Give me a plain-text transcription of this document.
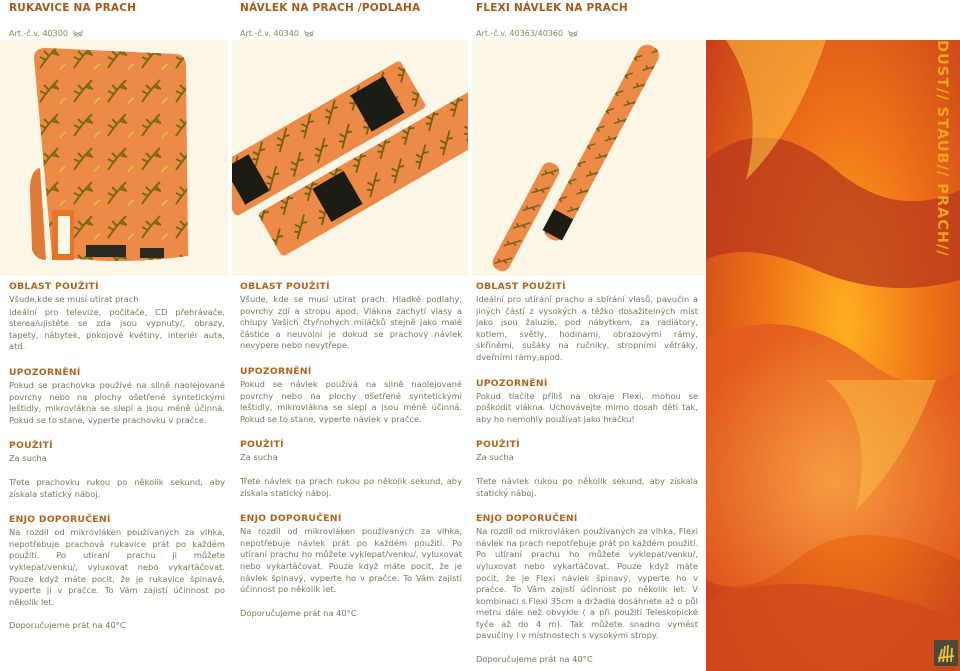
RUKAVICE NA PRACH	NÁVLEK NA PRACH /PODLAHA	FLEXI NÁVLEK NA PRACH
Art.-č.v. 40300	Art.-č.v. 40340	Art.-č.v. 40363/40360
DUST// STAUB// PRACH//
OBLAST POUŽITÍ
Všude,kde se musí utírat prach
Ideální pro televize, počítače, CD přehrávače, sterea/ujistěte se zda jsou vypnuty/, obrazy, tapety, nábytek, pokojové květiny, interiér auta, atd.
UPOZORNĚNÍ
Pokud se prachovka používé na silně naolejované povrchy nebo na plochy ošetřené syntetickými leštidly, mikrovlákna se slepí a jsou méně účinná. Pokud se to stane, vyperte prachovku v pračce.
POUŽITÍ
Za sucha
Třete prachovku rukou po několik sekund, aby získala statický náboj.
ENJO DOPORUČENÍ
Na rozdíl od mikrovláken používaných za vlhka, nepotřebuje prachová rukavice prát po každém použití. Po utíraní prachu ji můžete vyklepat/venku/, vyluxovat nebo vykartáčovat. Pouze když máte pocit, že je rukavice špinavá, vyperte ji v pračce. To Vám zajistí účinnost po několik let.
Doporučujeme prát na 40°C
OBLAST POUŽITÍ
Všude, kde se musí utírat prach. Hladké podlahy, povrchy zdí a stropu apod. Vlákna zachytí vlasy a chlupy Vašich čtyřnohých miláčků stejně jako malé částice a neuvolní je dokud se prachový návlek nevypere nebo nevytřepe.
UPOZORNĚNÍ
Pokud se návlek používá na silně naolejované povrchy nebo na plochy ošetřené syntetickými leštidly, mikrovlákna se slepí a jsou méně účinná. Pokud se to stane, vyperte návlek v pračce.
POUŽITÍ
Za sucha
Třete návlek na prach rukou po několik sekund, aby získala statický náboj.
ENJO DOPORUČENÍ
Na rozdíl od mikrovláken používaných za vlhka, nepotřebuje návlek prát po každém použití. Po utíraní prachu ho můžete vyklepat/venku/, vyluxovat nebo vykartáčovat. Pouze když máte pocit, že je návlek špinavý, vyperte ho v pračce. To Vám zajistí účinnost po několik let.
Doporučujeme prát na 40°C
OBLAST POUŽITÍ
Ideální pro utírání prachu a sbírání vlasů, pavučin a jiných částí z vysokých a těžko dosažitelných míst jako jsou žaluzie, pod nábytkem, za radiátory, kotlem, světly, hodinami, obrazovými rámy, skříněmi, sušáky na ručníky, stropními větráky, dveřními rámy,apod.
UPOZORNĚNÍ
Pokud tlačíte příliš na okraje Flexi, mohou se poškodit vlákna. Uchovávejte mimo dosah dětí tak, aby ho nemohly používat jako hračku!
POUŽITÍ
Za sucha
Třete návlek rukou po několik sekund, aby získala statický náboj.
ENJO DOPORUČENÍ
Na rozdíl od mikrovláken používaných za vlhka, Flexi návlek na prach nepotřebuje prát po každém použití. Po utíraní prachu ho můžete vyklepat/venku/, vyluxovat nebo vykartáčovat. Pouze když máte pocit, že je Flexi návlek špinavý, vyperte ho v pračce. To Vám zajistí účinnost po několik let. V kombinaci s Flexi 35cm a držadla dosáhnete až o půl metru dále než obvykle ( a při použití Teleskopické tyče až do 4 m). Tak můžete snadno vymést pavučiny i v místnostech s vysokými stropy.
Doporučujeme prát na 40°C
